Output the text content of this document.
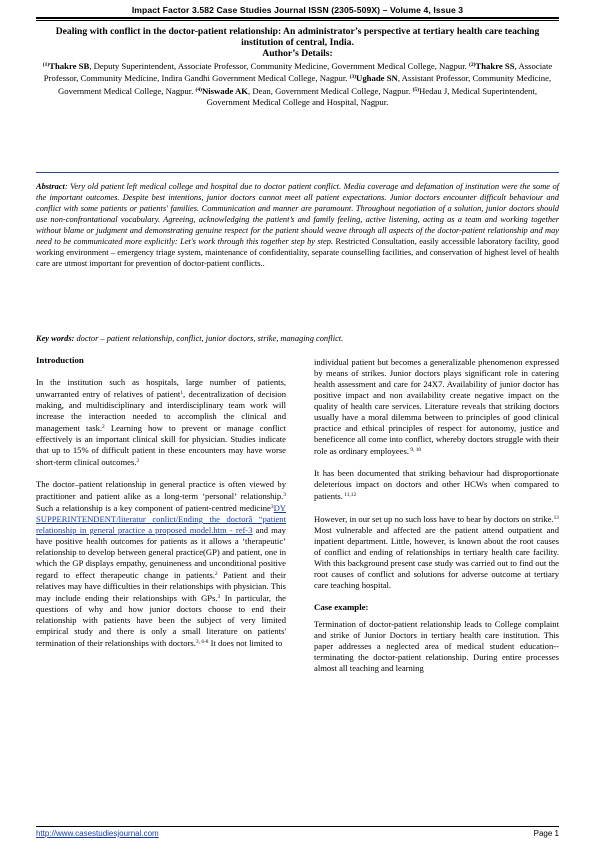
Impact Factor 3.582 Case Studies Journal ISSN (2305-509X) – Volume 4, Issue 3
Dealing with conflict in the doctor-patient relationship: An administrator’s perspective at tertiary health care teaching institution of central, India.
Author’s Details:
$^{(1)}$Thakre SB, Deputy Superintendent, Associate Professor, Community Medicine, Government Medical College, Nagpur. $^{(2)}$Thakre SS, Associate Professor, Community Medicine, Indira Gandhi Government Medical College, Nagpur. $^{(3)}$Ughade SN, Assistant Professor, Community Medicine, Government Medical College, Nagpur. $^{(4)}$Niswade AK, Dean, Government Medical College, Nagpur. $^{(5)}$Hedau J, Medical Superintendent, Government Medical College and Hospital, Nagpur.
Abstract: Very old patient left medical college and hospital due to doctor patient conflict. Media coverage and defamation of institution were the some of the important outcomes. Despite best intentions, junior doctors cannot meet all patient expectations. Junior doctors encounter difficult behaviour and conflict with some patients or patients' families. Communication and manner are paramount. Throughout negotiation of a solution, junior doctors should use non-confrontational vocabulary. Agreeing, acknowledging the patient’s and family feeling, active listening, acting as a team and working together without blame or judgment and demonstrating genuine respect for the patient should weave through all aspects of the doctor-patient relationship and may need to be communicated more explicitly: Let's work through this together step by step. Restricted Consultation, easily accessible laboratory facility, good working environment – emergency triage system, maintenance of confidentiality, separate counselling facilities, and conservation of highest level of health care are utmost important for prevention of doctor-patient conflicts..
Key words: doctor – patient relationship, conflict, junior doctors, strike, managing conflict.
Introduction

In the institution such as hospitals, large number of patients, unwarranted entry of relatives of patient$^1$, decentralization of decision making, and multidisciplinary and interdisciplinary team work will increase the interaction needed to accomplish the clinical and management task.$^2$ Learning how to prevent or manage conflict effectively is an important clinical skill for physician. Studies indicate that up to 15% of difficult patient in these encounters may have worse short-term clinical outcomes.$^2$

The doctor–patient relationship in general practice is often viewed by practitioner and patient alike as a long-term ‘personal’ relationship.$^3$ Such a relationship is a key component of patient-centred medicine$^3$DY SUPPERINTENDENT/literatur conlict/Ending the doctorâ “patient relationship in general practice a proposed model.htm - ref-3 and may have positive health outcomes for patients as it allows a ‘therapeutic’ relationship to develop between general practice(GP) and patient, one in which the GP displays empathy, genuineness and unconditional positive regard to effect therapeutic change in patients.$^2$ Patient and their relatives may have difficulties in their relationships with physician. This may include ending their relationships with GPs.$^3$ In particular, the questions of why and how junior doctors choose to end their relationship with patients have been the subject of very limited empirical study and there is only a small literature on patients' termination of their relationships with doctors.$^{3, 6-8}$ It does not limited to

individual patient but becomes a generalizable phenomenon expressed by means of strikes. Junior doctors plays significant role in catering health assessment and care for 24X7. Availability of junior doctor has positive impact and non availability create negative impact on the quality of health care services. Literature reveals that striking doctors usually have a moral dilemma between to principles of good clinical practice and ethical principles of respect for autonomy, justice and beneficence all come into conflict, whereby doctors struggle with their role as ordinary employees. $^{9, 10}$

It has been documented that striking behaviour had disproportionate deleterious impact on doctors and other HCWs when compared to patients. $^{11,12}$

However, in our set up no such loss have to bear by doctors on strike.$^{13}$ Most vulnerable and affected are the patient attend outpatient and inpatient department. Little, however, is known about the root causes of conflict and ending of relationships in tertiary health care facility. With this background present case study was carried out to find out the root causes of conflict and solutions for adverse outcome at tertiary care teaching hospital.

Case example:

Termination of doctor-patient relationship leads to College complaint and strike of Junior Doctors in tertiary health care institution. This paper addresses a neglected area of medical student education--terminating the doctor-patient relationship. During entire processes almost all teaching and learning

http://www.casestudiesjournal.com	Page 1
